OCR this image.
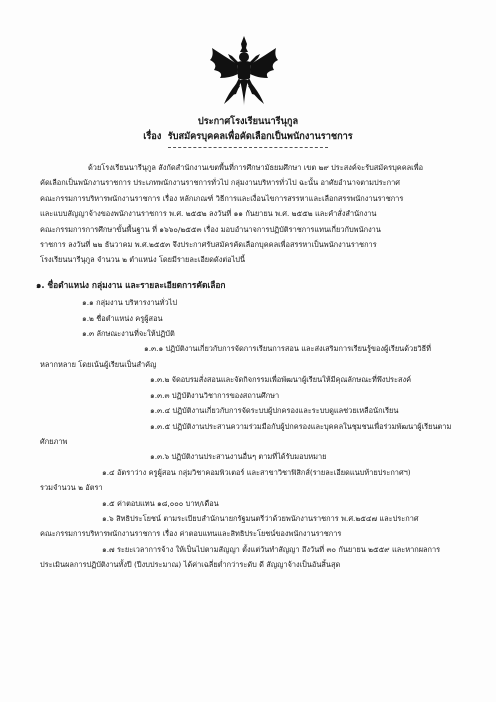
ประกาศโรงเรียนนารีนุกูล
เรื่อง รับสมัครบุคคลเพื่อคัดเลือกเป็นพนักงานราชการ

ด้วยโรงเรียนนารีนุกูล สังกัดสำนักงานเขตพื้นที่การศึกษามัธยมศึกษา เขต ๒๙ ประสงค์จะรับสมัครบุคคลเพื่อ

คัดเลือกเป็นพนักงานราชการ ประเภทพนักงานราชการทั่วไป กลุ่มงานบริหารทั่วไป ฉะนั้น อาศัยอำนาจตามประกาศ

คณะกรรมการบริหารพนักงานราชการ เรื่อง หลักเกณฑ์ วิธีการและเงื่อนไขการสรรหาและเลือกสรรพนักงานราชการ

และแบบสัญญาจ้างของพนักงานราชการ พ.ศ. ๒๕๕๒ ลงวันที่ ๑๑ กันยายน พ.ศ. ๒๕๕๒ และคำสั่งสำนักงาน

คณะกรรมการการศึกษาขั้นพื้นฐาน ที่ ๑๖๖๐/๒๕๕๓ เรื่อง มอบอำนาจการปฏิบัติราชการแทนเกี่ยวกับพนักงาน

ราชการ ลงวันที่ ๒๒ ธันวาคม พ.ศ.๒๕๕๓ จึงประกาศรับสมัครคัดเลือกบุคคลเพื่อสรรหาเป็นพนักงานราชการ

โรงเรียนนารีนุกูล จำนวน ๒ ตำแหน่ง โดยมีรายละเอียดดังต่อไปนี้

๑. ชื่อตำแหน่ง กลุ่มงาน และรายละเอียดการคัดเลือก

๑.๑ กลุ่มงาน บริหารงานทั่วไป

๑.๒ ชื่อตำแหน่ง ครูผู้สอน

๑.๓ ลักษณะงานที่จะให้ปฏิบัติ

๑.๓.๑ ปฏิบัติงานเกี่ยวกับการจัดการเรียนการสอน และส่งเสริมการเรียนรู้ของผู้เรียนด้วยวิธีที่

หลากหลาย โดยเน้นผู้เรียนเป็นสำคัญ

๑.๓.๒ จัดอบรมสั่งสอนและจัดกิจกรรมเพื่อพัฒนาผู้เรียนให้มีคุณลักษณะที่พึงประสงค์

๑.๓.๓ ปฏิบัติงานวิชาการของสถานศึกษา

๑.๓.๔ ปฏิบัติงานเกี่ยวกับการจัดระบบผู้ปกครองและระบบดูแลช่วยเหลือนักเรียน

๑.๓.๕ ปฏิบัติงานประสานความร่วมมือกับผู้ปกครองและบุคคลในชุมชนเพื่อร่วมพัฒนาผู้เรียนตาม

ศักยภาพ

๑.๓.๖ ปฏิบัติงานประสานงานอื่นๆ ตามที่ได้รับมอบหมาย

๑.๔ อัตราว่าง ครูผู้สอน กลุ่มวิชาคอมพิวเตอร์ และสาขาวิชาฟิสิกส์(รายละเอียดแนบท้ายประกาศฯ)

รวมจำนวน ๒ อัตรา

๑.๕ ค่าตอบแทน ๑๘,๐๐๐ บาท/เดือน

๑.๖ สิทธิประโยชน์ ตามระเบียบสำนักนายกรัฐมนตรีว่าด้วยพนักงานราชการ พ.ศ.๒๕๔๗ และประกาศ

คณะกรรมการบริหารพนักงานราชการ เรื่อง ค่าตอบแทนและสิทธิประโยชน์ของพนักงานราชการ

๑.๗ ระยะเวลาการจ้าง ให้เป็นไปตามสัญญา ตั้งแต่วันทำสัญญา ถึงวันที่ ๓๐ กันยายน ๒๕๕๙ และหากผลการ

ประเมินผลการปฏิบัติงานทั้งปี (ปีงบประมาณ) ได้ค่าเฉลี่ยต่ำกว่าระดับ ดี สัญญาจ้างเป็นอันสิ้นสุด
